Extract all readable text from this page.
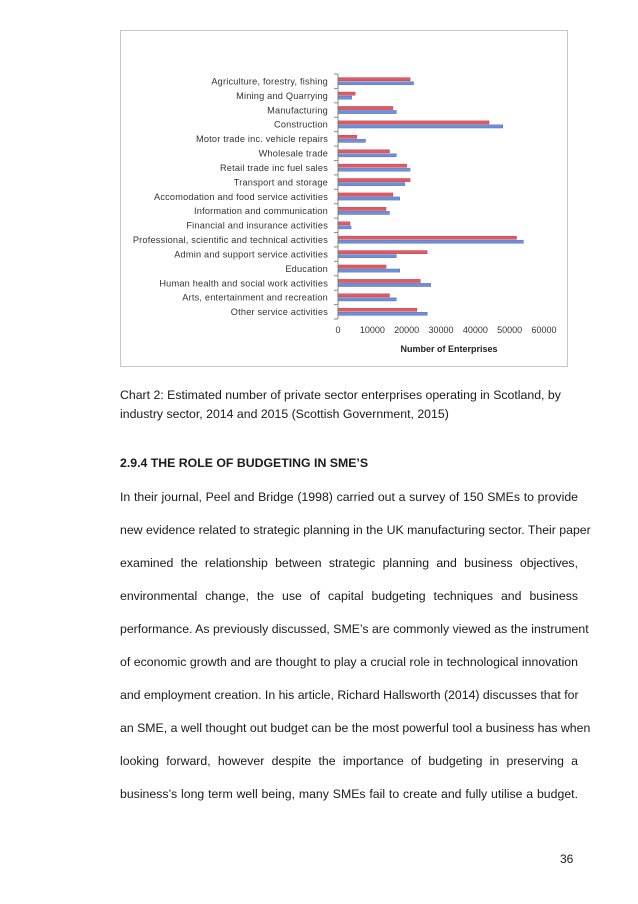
Agriculture, forestry, fishing
Mining and Quarrying
Manufacturing
Construction
Motor trade inc. vehicle repairs
Wholesale trade
Retail trade inc fuel sales
Transport and storage
Accomodation and food service activities
Information and communication
Financial and insurance activities
Professional, scientific and technical activities
Admin and support service activities
Education
Human health and social work activities
Arts, entertainment and recreation
Other service activities
0 10000 20000 30000 40000 50000 60000
Number of Enterprises

Chart 2: Estimated number of private sector enterprises operating in Scotland, by industry sector, 2014 and 2015 (Scottish Government, 2015)

2.9.4 THE ROLE OF BUDGETING IN SME’S

In their journal, Peel and Bridge (1998) carried out a survey of 150 SMEs to provide

new evidence related to strategic planning in the UK manufacturing sector. Their paper

examined the relationship between strategic planning and business objectives,

environmental change, the use of capital budgeting techniques and business

performance. As previously discussed, SME’s are commonly viewed as the instrument

of economic growth and are thought to play a crucial role in technological innovation

and employment creation. In his article, Richard Hallsworth (2014) discusses that for

an SME, a well thought out budget can be the most powerful tool a business has when

looking forward, however despite the importance of budgeting in preserving a

business’s long term well being, many SMEs fail to create and fully utilise a budget.

36
